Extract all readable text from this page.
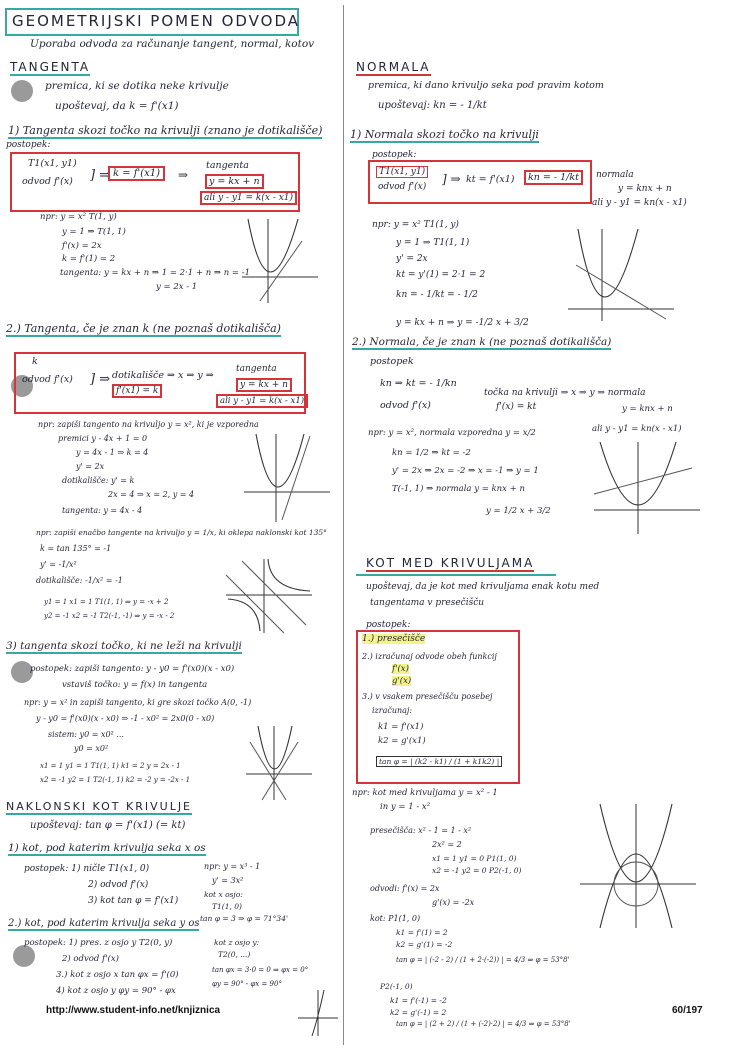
GEOMETRIJSKI POMEN ODVODA
Uporaba odvoda za računanje tangent, normal, kotov
TANGENTA
premica, ki se dotika neke krivulje
upoštevaj, da k = f'(x1)
1) Tangenta skozi točko na krivulji (znano je dotikališče)
postopek:
T1(x1, y1)
odvod f'(x) ] ⇒ k = f'(x1)	⇒
tangenta
y = kx + n
ali y - y1 = k(x - x1)
npr: y = x² T(1, y)
y = 1 ⇒ T(1, 1)
f'(x) = 2x
k = f'(1) = 2
tangenta: y = kx + n ⇒ 1 = 2·1 + n ⇒ n = -1
y = 2x - 1
2.) Tangenta, če je znan k (ne poznaš dotikališča)
k
odvod f'(x) ] ⇒ dotikališče ⇒ x ⇒ y ⇒
f'(x1) = k
tangenta
y = kx + n
ali y - y1 = k(x - x1)
npr: zapiši tangento na krivuljo y = x², ki je vzporedna
premici y - 4x + 1 = 0
y = 4x - 1 ⇒ k = 4
y' = 2x
dotikališče: y' = k
2x = 4 ⇒ x = 2, y = 4
tangenta: y = 4x - 4
npr: zapiši enačbo tangente na krivuljo y = 1/x, ki oklepa naklonski kot 135°
k = tan 135° = -1
y' = -1/x²
dotikališče: -1/x² = -1
y1 = 1 x1 = 1 T1(1, 1) ⇒ y = -x + 2
y2 = -1 x2 = -1 T2(-1, -1) ⇒ y = -x - 2
3) tangenta skozi točko, ki ne leži na krivulji
postopek: zapiši tangento: y - y0 = f'(x0)(x - x0)
vstaviš točko: y = f(x) in tangenta
npr: y = x² in zapiši tangento, ki gre skozi točko A(0, -1)
y - y0 = f'(x0)(x - x0) ⇒ -1 - x0² = 2x0(0 - x0)
sistem: y0 = x0² ...
y0 = x0²
x1 = 1 y1 = 1 T1(1, 1) k1 = 2 y = 2x - 1
x2 = -1 y2 = 1 T2(-1, 1) k2 = -2 y = -2x - 1
NAKLONSKI KOT KRIVULJE
upoštevaj: tan φ = f'(x1) (= kt)
1) kot, pod katerim krivulja seka x os
postopek: 1) ničle T1(x1, 0)
2) odvod f'(x)
3) kot tan φ = f'(x1)
npr: y = x³ - 1
y' = 3x²
kot x osjo:
T1(1, 0)
tan φ = 3 ⇒ φ = 71°34'
2.) kot, pod katerim krivulja seka y os
postopek: 1) pres. z osjo y T2(0, y)
2) odvod f'(x)
3.) kot z osjo x tan φx = f'(0)
4) kot z osjo y φy = 90° - φx
kot z osjo y:
T2(0, ...)
tan φx = 3·0 = 0 ⇒ φx = 0°
φy = 90° - φx = 90°
NORMALA
premica, ki dano krivuljo seka pod pravim kotom
upoštevaj: kn = - 1/kt
1) Normala skozi točko na krivulji
postopek:
T1(x1, y1)
odvod f'(x)
] ⇒ kt = f'(x1)	kn = - 1/kt	normala
y = knx + n
ali y - y1 = kn(x - x1)
npr: y = x² T1(1, y)
y = 1 ⇒ T1(1, 1)
y' = 2x
kt = y'(1) = 2·1 = 2
kn = - 1/kt = - 1/2
y = kx + n ⇒ y = -1/2 x + 3/2
2.) Normala, če je znan k (ne poznaš dotikališča)
postopek
kn ⇒ kt = - 1/kn
odvod f'(x)
točka na krivulji ⇒ x ⇒ y ⇒ normala
f'(x) = kt	y = knx + n
ali y - y1 = kn(x - x1)
npr: y = x², normala vzporedna y = x/2
kn = 1/2 ⇒ kt = -2
y' = 2x ⇒ 2x = -2 ⇒ x = -1 ⇒ y = 1
T(-1, 1) ⇒ normala y = knx + n
y = 1/2 x + 3/2
KOT MED KRIVULJAMA
upoštevaj, da je kot med krivuljama enak kotu med
tangentama v presečišču
postopek:
1.) presečišče
2.) izračunaj odvode obeh funkcij
f'(x)
g'(x)
3.) v vsakem presečišču posebej
izračunaj:
k1 = f'(x1)
k2 = g'(x1)
tan φ = | (k2 - k1) / (1 + k1k2) |
npr: kot med krivuljama y = x² - 1
in y = 1 - x²
presečišča: x² - 1 = 1 - x²
2x² = 2
x1 = 1 y1 = 0 P1(1, 0)
x2 = -1 y2 = 0 P2(-1, 0)
odvodi: f'(x) = 2x
g'(x) = -2x
kot: P1(1, 0)
k1 = f'(1) = 2
k2 = g'(1) = -2
tan φ = | (-2 - 2) / (1 + 2·(-2)) | = 4/3 ⇒ φ = 53°8'
P2(-1, 0)
k1 = f'(-1) = -2
k2 = g'(-1) = 2
tan φ = | (2 + 2) / (1 + (-2)·2) | = 4/3 ⇒ φ = 53°8'
http://www.student-info.net/knjiznica	60/197
